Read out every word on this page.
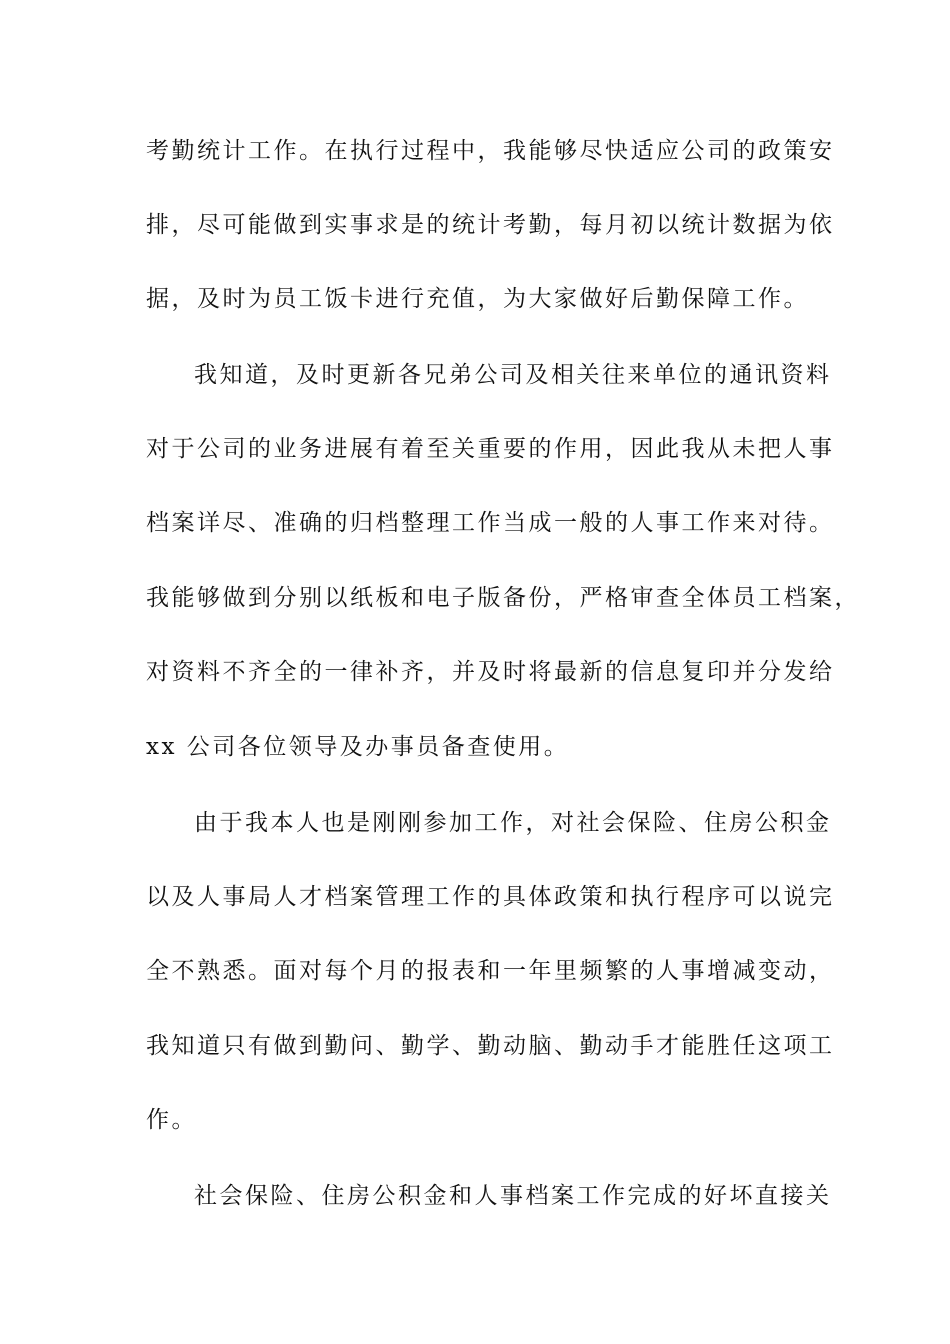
考勤统计工作。在执行过程中，我能够尽快适应公司的政策安
排，尽可能做到实事求是的统计考勤，每月初以统计数据为依
据，及时为员工饭卡进行充值，为大家做好后勤保障工作。
我知道，及时更新各兄弟公司及相关往来单位的通讯资料
对于公司的业务进展有着至关重要的作用，因此我从未把人事
档案详尽、准确的归档整理工作当成一般的人事工作来对待。
我能够做到分别以纸板和电子版备份，严格审查全体员工档案，
对资料不齐全的一律补齐，并及时将最新的信息复印并分发给
xx 公司各位领导及办事员备查使用。
由于我本人也是刚刚参加工作，对社会保险、住房公积金
以及人事局人才档案管理工作的具体政策和执行程序可以说完
全不熟悉。面对每个月的报表和一年里频繁的人事增减变动，
我知道只有做到勤问、勤学、勤动脑、勤动手才能胜任这项工
作。
社会保险、住房公积金和人事档案工作完成的好坏直接关
